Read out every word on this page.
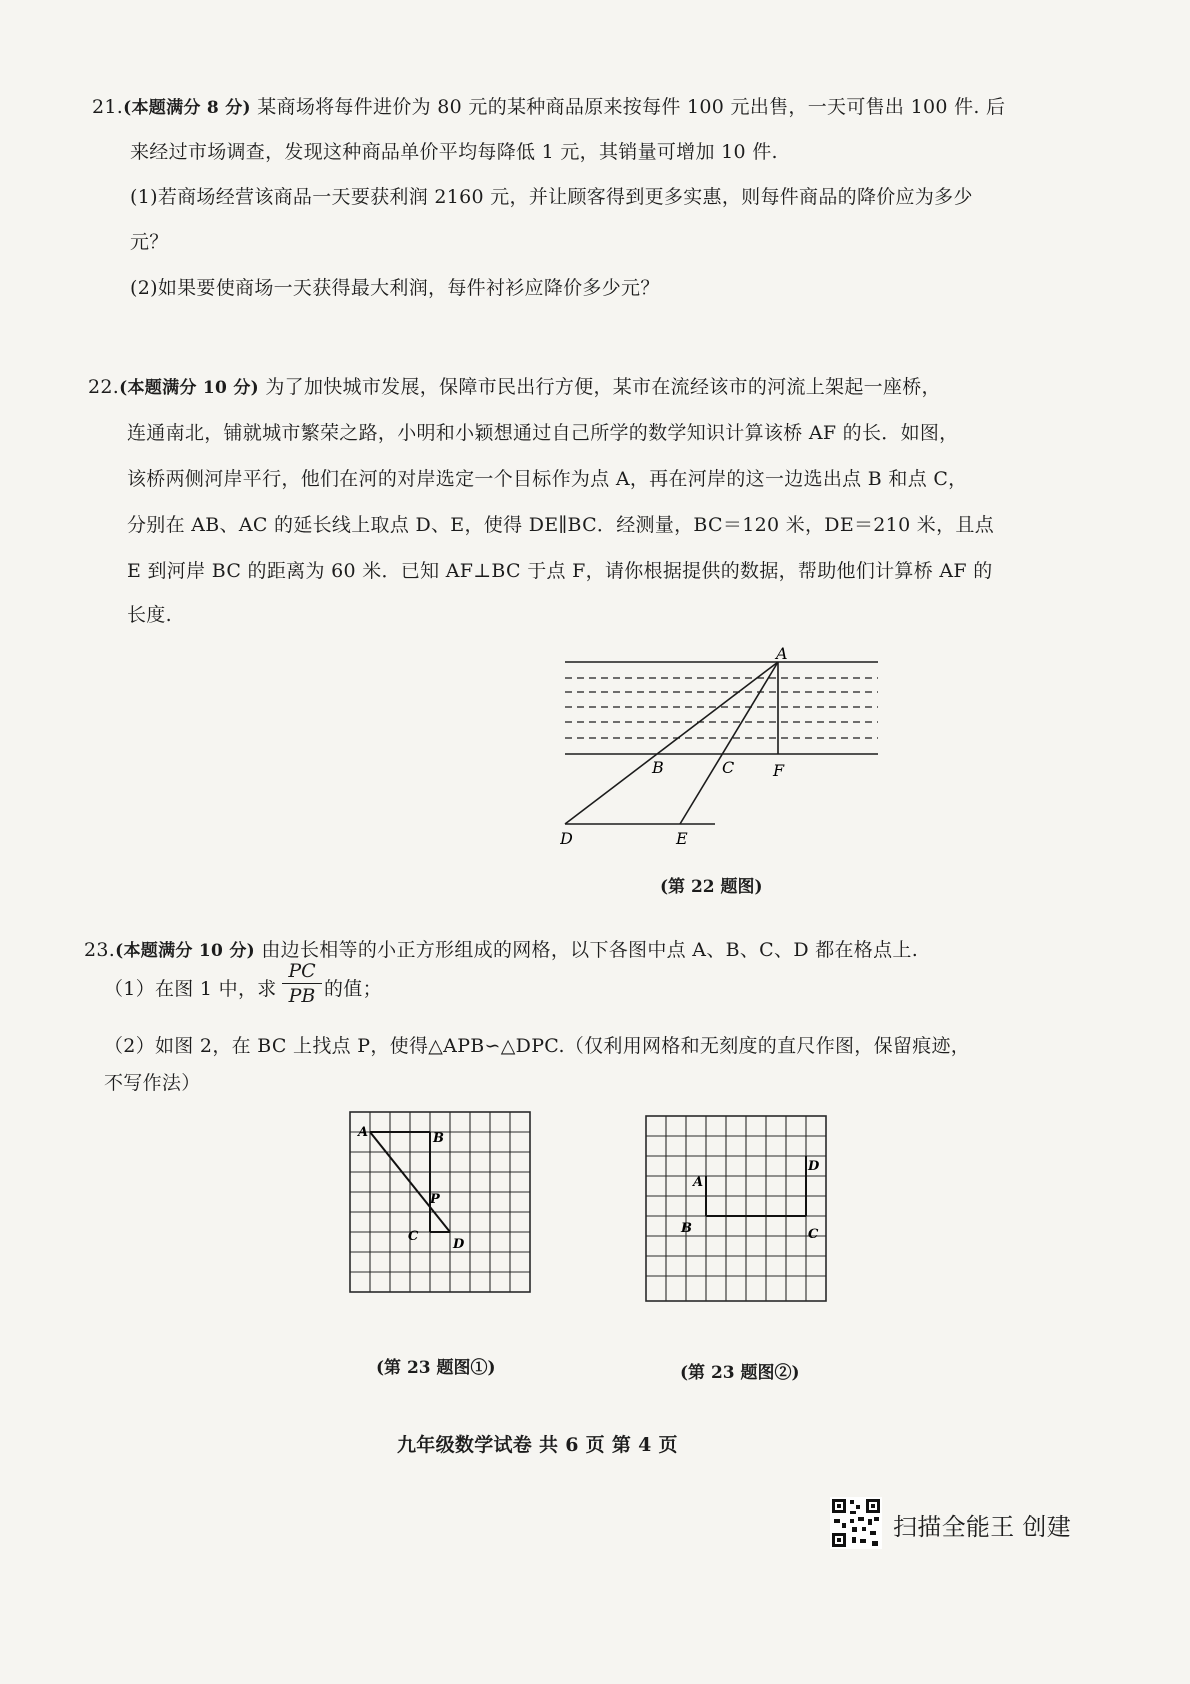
21.(本题满分 8 分) 某商场将每件进价为 80 元的某种商品原来按每件 100 元出售，一天可售出 100 件. 后
来经过市场调查，发现这种商品单价平均每降低 1 元，其销量可增加 10 件.
(1)若商场经营该商品一天要获利润 2160 元，并让顾客得到更多实惠，则每件商品的降价应为多少
元？
(2)如果要使商场一天获得最大利润，每件衬衫应降价多少元？
22.(本题满分 10 分) 为了加快城市发展，保障市民出行方便，某市在流经该市的河流上架起一座桥，
连通南北，铺就城市繁荣之路，小明和小颖想通过自己所学的数学知识计算该桥 AF 的长．如图，
该桥两侧河岸平行，他们在河的对岸选定一个目标作为点 A，再在河岸的这一边选出点 B 和点 C，
分别在 AB、AC 的延长线上取点 D、E，使得 DE∥BC．经测量，BC＝120 米，DE＝210 米，且点
E 到河岸 BC 的距离为 60 米．已知 AF⊥BC 于点 F，请你根据提供的数据，帮助他们计算桥 AF 的
长度.
A
B	C F
D	E
(第 22 题图)
23.(本题满分 10 分) 由边长相等的小正方形组成的网格，以下各图中点 A、B、C、D 都在格点上.
（1）在图 1 中，求 $\frac{PC}{PB}$ 的值；
（2）如图 2，在 BC 上找点 P，使得△APB∽△DPC.（仅利用网格和无刻度的直尺作图，保留痕迹，
不写作法）
A	B
P
C
D
(第 23 题图①)
A
B	C
D
(第 23 题图②)
九年级数学试卷 共 6 页 第 4 页
扫描全能王 创建
